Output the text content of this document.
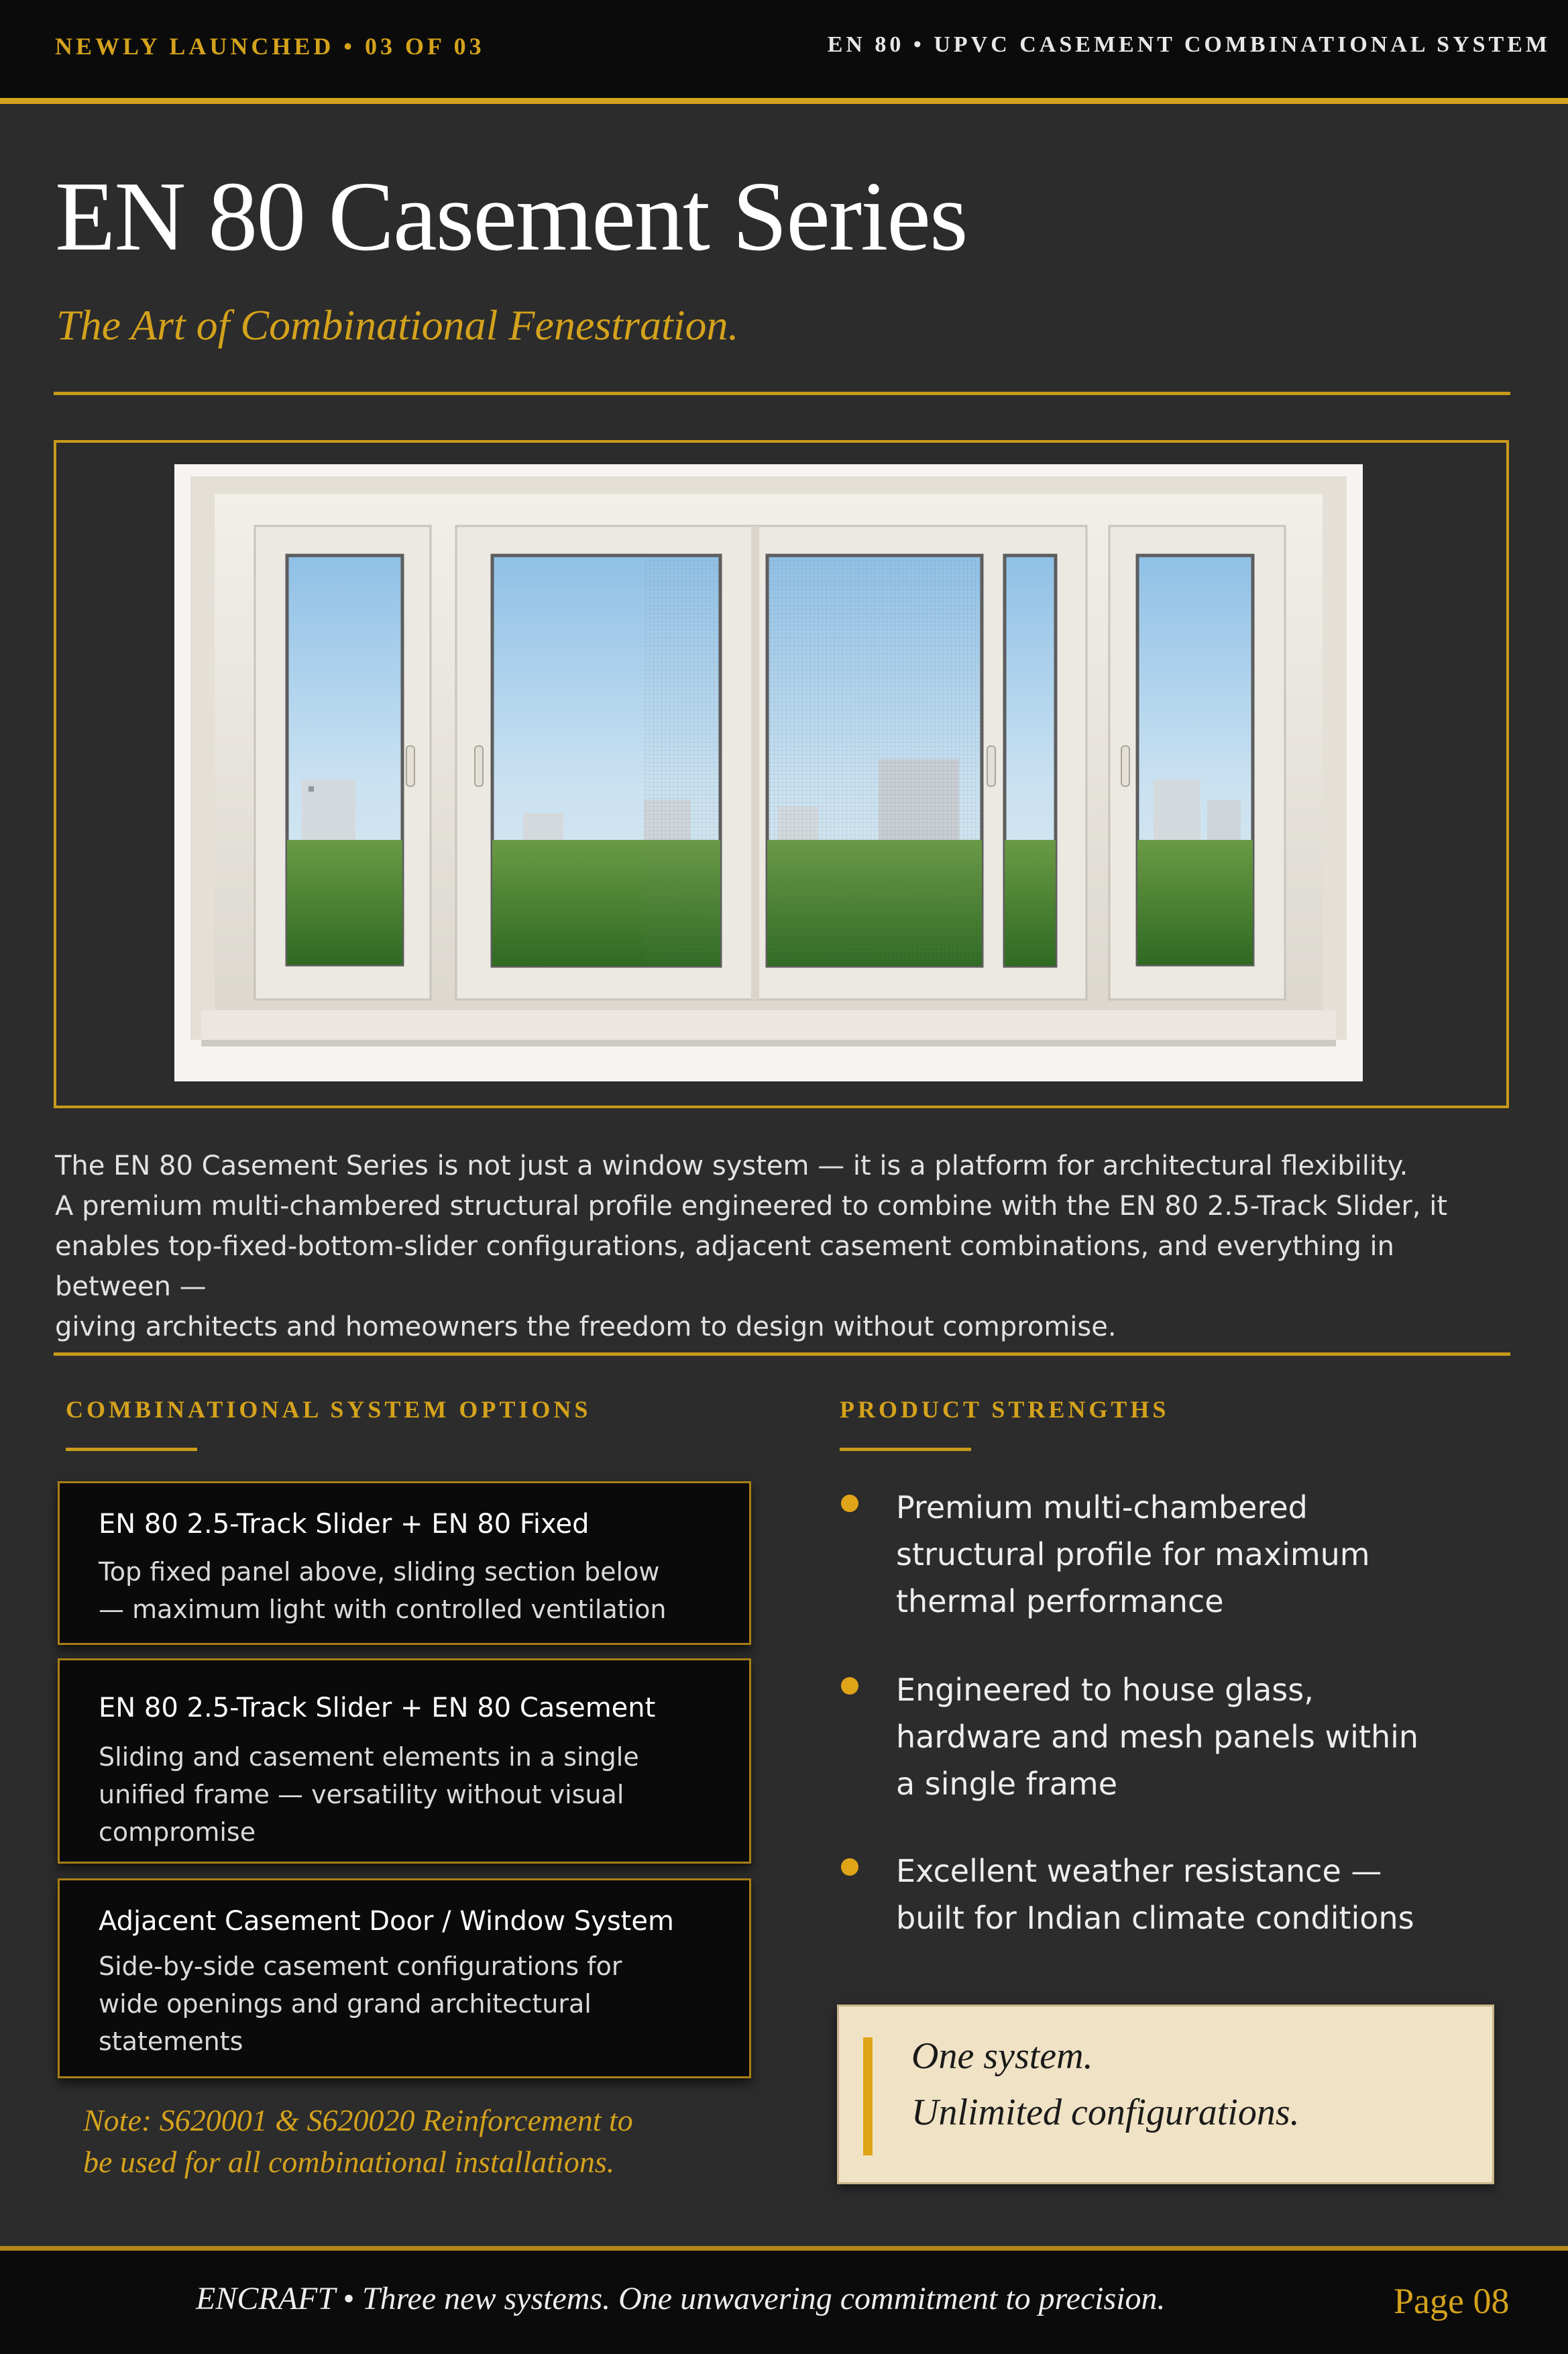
NEWLY LAUNCHED • 03 OF 03	EN 80 • UPVC CASEMENT COMBINATIONAL SYSTEM
EN 80 Casement Series
The Art of Combinational Fenestration.

The EN 80 Casement Series is not just a window system — it is a platform for architectural flexibility.

A premium multi-chambered structural profile engineered to combine with the EN 80 2.5-Track Slider, it

enables top-fixed-bottom-slider configurations, adjacent casement combinations, and everything in between —

giving architects and homeowners the freedom to design without compromise.

COMBINATIONAL SYSTEM OPTIONS
EN 80 2.5-Track Slider + EN 80 Fixed
Top fixed panel above, sliding section below
— maximum light with controlled ventilation
EN 80 2.5-Track Slider + EN 80 Casement
Sliding and casement elements in a single
unified frame — versatility without visual
compromise
Adjacent Casement Door / Window System
Side-by-side casement configurations for
wide openings and grand architectural
statements
Note: S620001 & S620020 Reinforcement to
be used for all combinational installations.
PRODUCT STRENGTHS
Premium multi-chambered
structural profile for maximum
thermal performance
Engineered to house glass,
hardware and mesh panels within
a single frame
Excellent weather resistance —
built for Indian climate conditions
One system.
Unlimited configurations.
ENCRAFT • Three new systems. One unwavering commitment to precision.	Page 08
